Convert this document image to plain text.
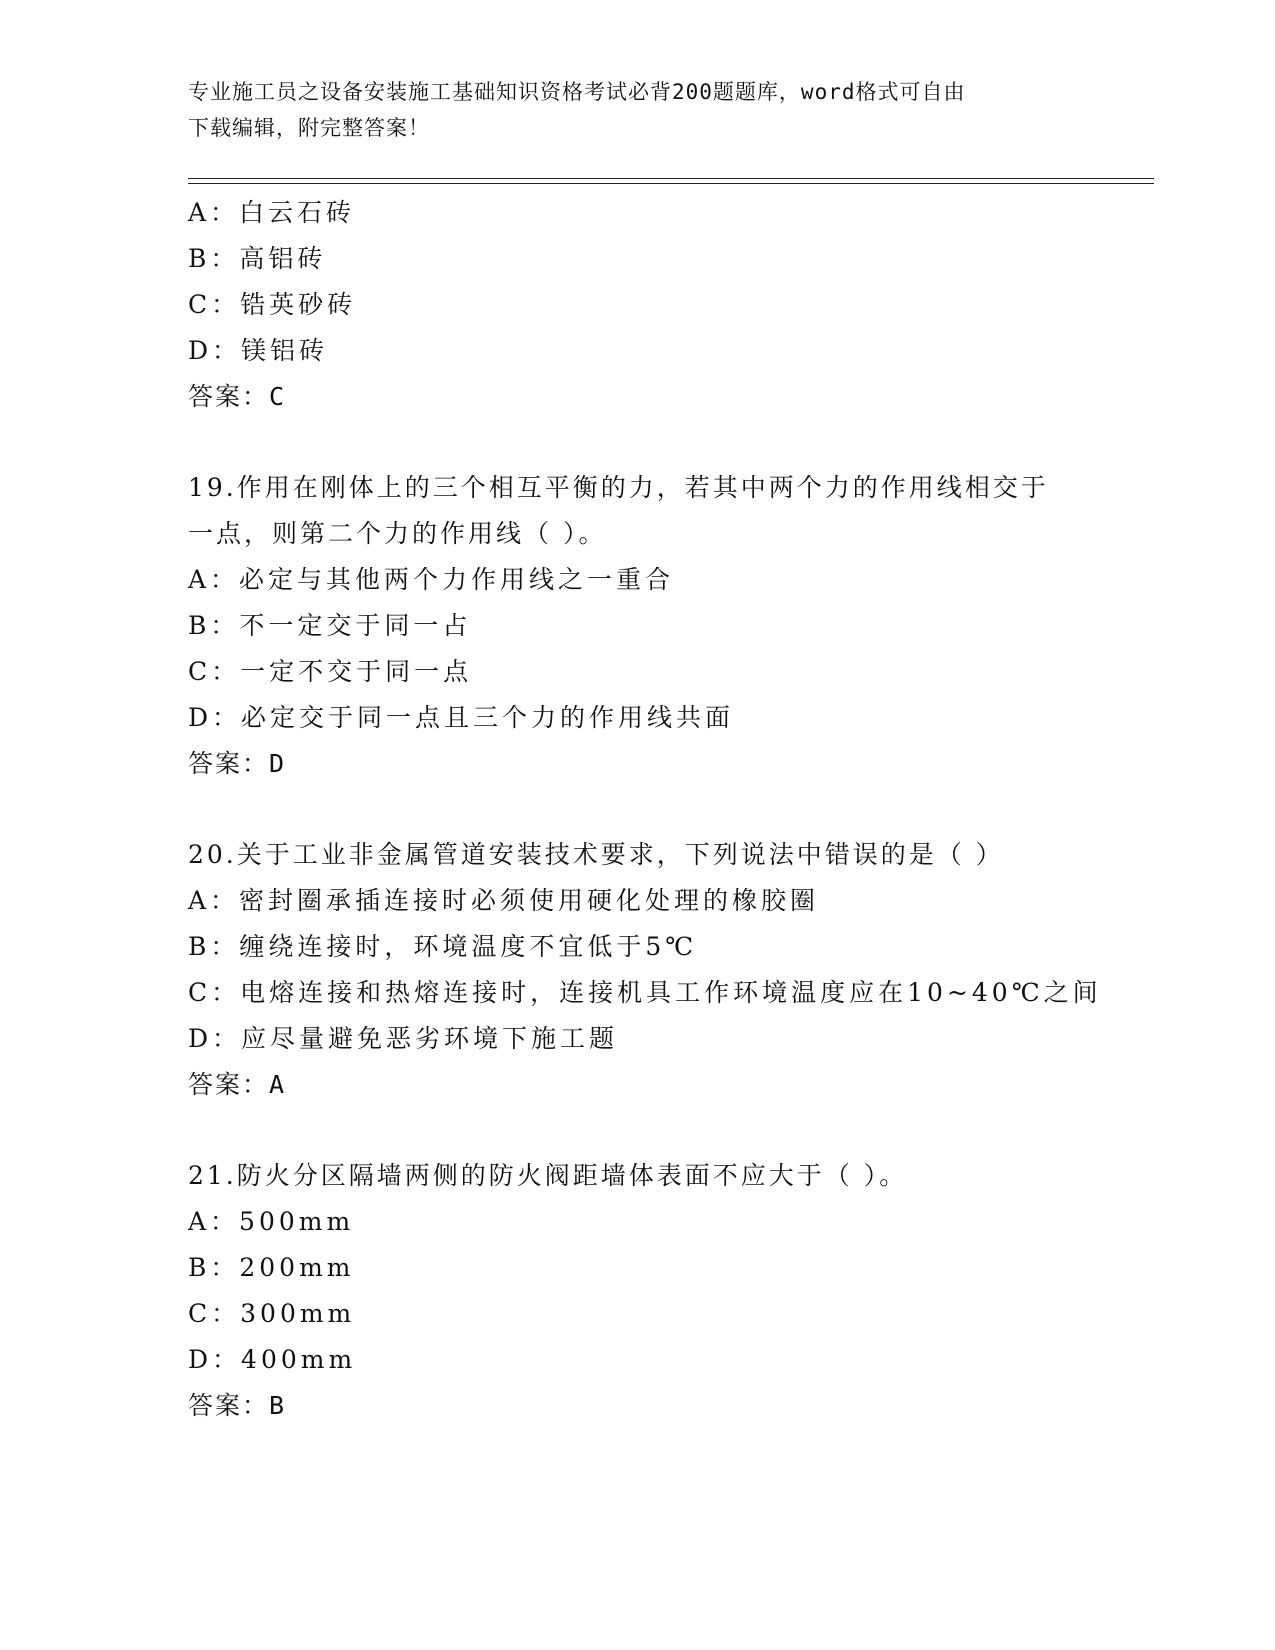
专业施工员之设备安装施工基础知识资格考试必背200题题库，word格式可自由
下载编辑，附完整答案！
A：白云石砖
B：高铝砖
C：锆英砂砖
D：镁铝砖
答案：C
19.作用在刚体上的三个相互平衡的力，若其中两个力的作用线相交于
一点，则第二个力的作用线（ ）。
A：必定与其他两个力作用线之一重合
B：不一定交于同一占
C：一定不交于同一点
D：必定交于同一点且三个力的作用线共面
答案：D
20.关于工业非金属管道安装技术要求，下列说法中错误的是（ ）
A：密封圈承插连接时必须使用硬化处理的橡胶圈
B：缠绕连接时，环境温度不宜低于5℃
C：电熔连接和热熔连接时，连接机具工作环境温度应在10~40℃之间
D：应尽量避免恶劣环境下施工题
答案：A
21.防火分区隔墙两侧的防火阀距墙体表面不应大于（ ）。
A：500mm
B：200mm
C：300mm
D：400mm
答案：B
